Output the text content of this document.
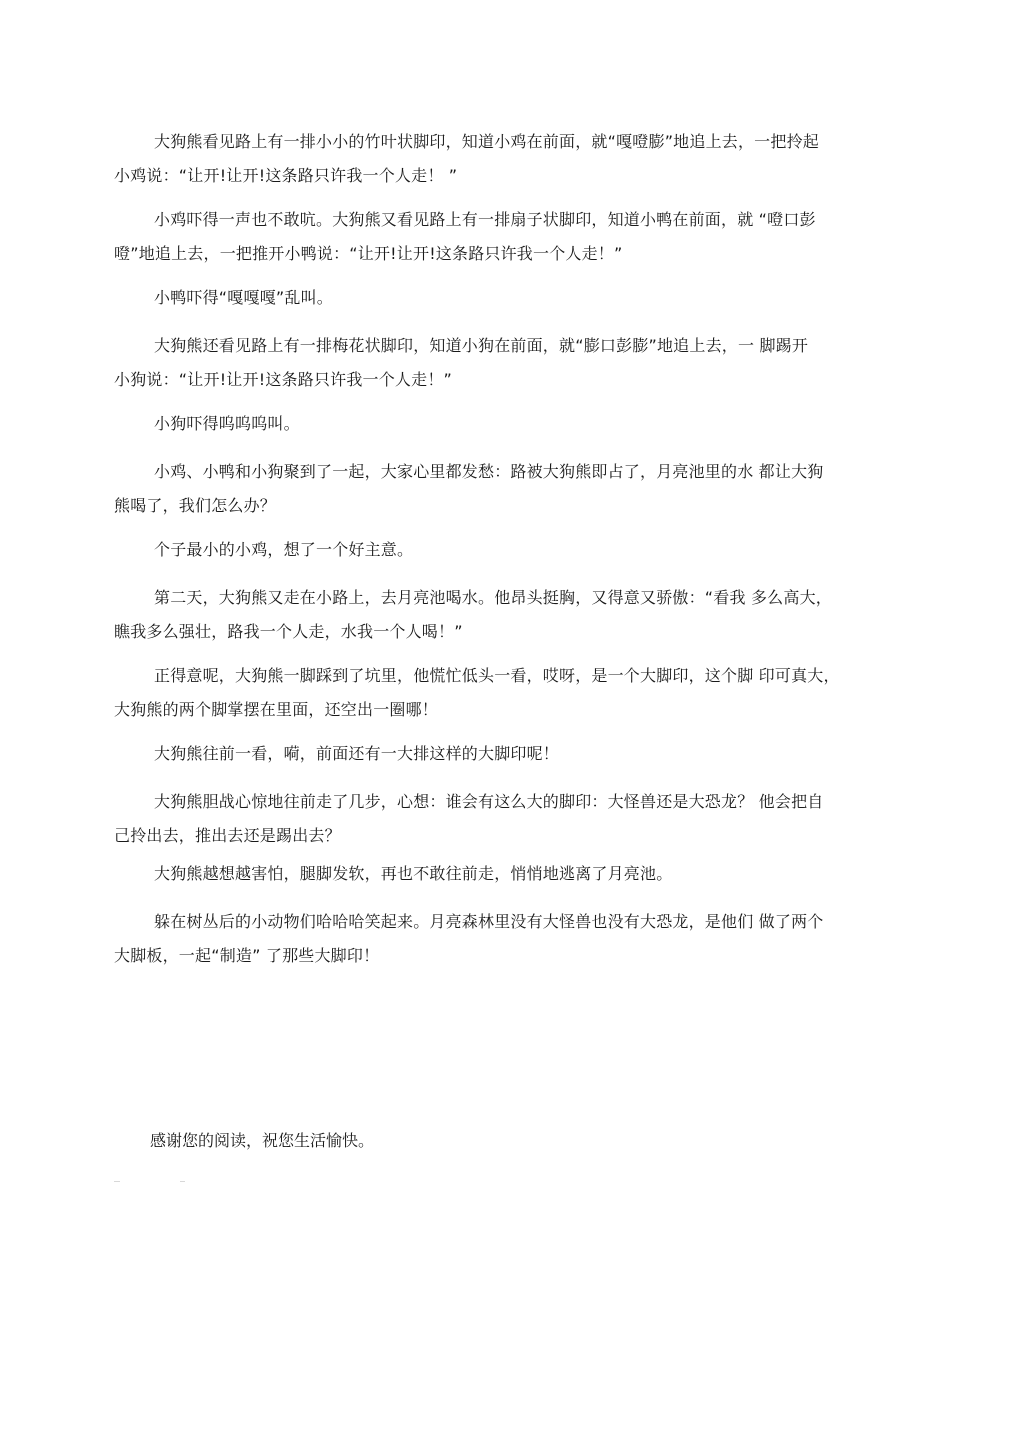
大狗熊看见路上有一排小小的竹叶状脚印，知道小鸡在前面，就“嘎噔膨”地追上去，一把拎起
小鸡说：“让开!让开!这条路只许我一个人走！ ”
小鸡吓得一声也不敢吭。大狗熊又看见路上有一排扇子状脚印，知道小鸭在前面，就 “噔口彭
噔”地追上去，一把推开小鸭说：“让开!让开!这条路只许我一个人走！”
小鸭吓得“嘎嘎嘎”乱叫。
大狗熊还看见路上有一排梅花状脚印，知道小狗在前面，就“膨口彭膨”地追上去，一 脚踢开
小狗说：“让开!让开!这条路只许我一个人走！”
小狗吓得呜呜呜叫。
小鸡、小鸭和小狗聚到了一起，大家心里都发愁：路被大狗熊即占了，月亮池里的水 都让大狗
熊喝了，我们怎么办？
个子最小的小鸡，想了一个好主意。
第二天，大狗熊又走在小路上，去月亮池喝水。他昂头挺胸，又得意又骄傲：“看我 多么高大，
瞧我多么强壮，路我一个人走，水我一个人喝！”
正得意呢，大狗熊一脚踩到了坑里，他慌忙低头一看，哎呀，是一个大脚印，这个脚 印可真大，
大狗熊的两个脚掌摆在里面，还空出一圈哪！
大狗熊往前一看，嗬，前面还有一大排这样的大脚印呢！
大狗熊胆战心惊地往前走了几步，心想：谁会有这么大的脚印：大怪兽还是大恐龙？ 他会把自
己拎出去，推出去还是踢出去？
大狗熊越想越害怕，腿脚发软，再也不敢往前走，悄悄地逃离了月亮池。
躲在树丛后的小动物们哈哈哈笑起来。月亮森林里没有大怪兽也没有大恐龙，是他们 做了两个
大脚板，一起“制造” 了那些大脚印！
感谢您的阅读，祝您生活愉快。
